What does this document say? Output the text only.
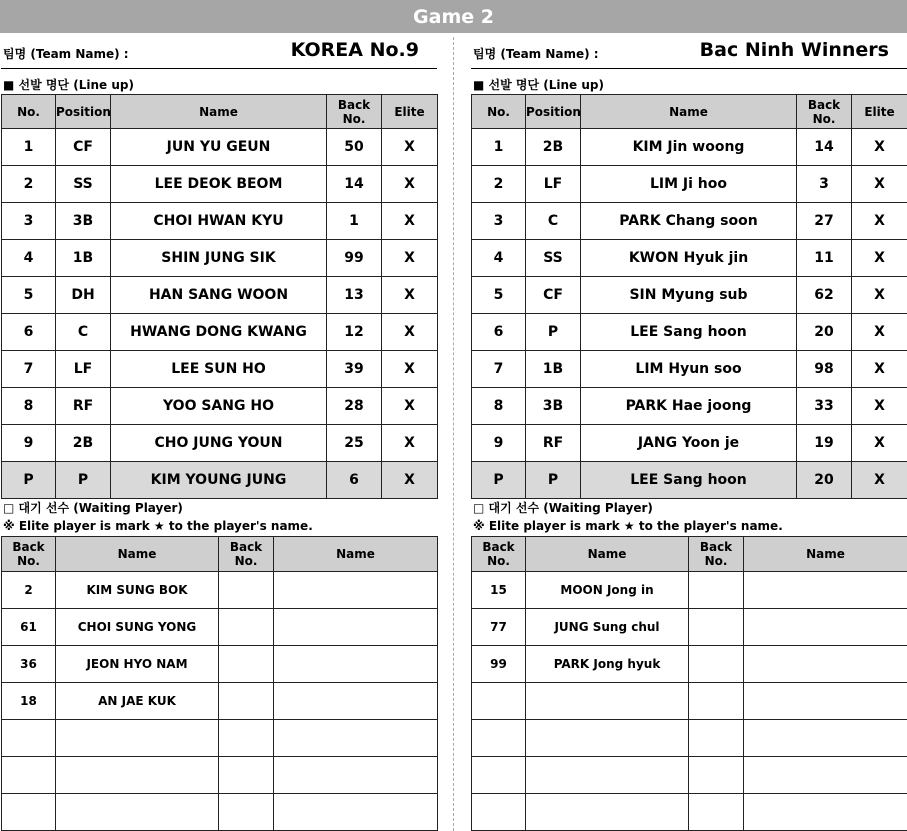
Game 2
팀명 (Team Name) :	KOREA No.9
■ 선발 명단 (Line up)
No.	Position	Name	Back No.	Elite
1	CF	JUN YU GEUN	50	X
2	SS	LEE DEOK BEOM	14	X
3	3B	CHOI HWAN KYU	1	X
4	1B	SHIN JUNG SIK	99	X
5	DH	HAN SANG WOON	13	X
6	C	HWANG DONG KWANG	12	X
7	LF	LEE SUN HO	39	X
8	RF	YOO SANG HO	28	X
9	2B	CHO JUNG YOUN	25	X
P	P	KIM YOUNG JUNG	6	X
□ 대기 선수 (Waiting Player)
※ Elite player is mark ★ to the player's name.
Back No.	Name	Back No.	Name
2	KIM SUNG BOK		
61	CHOI SUNG YONG		
36	JEON HYO NAM		
18	AN JAE KUK		

팀명 (Team Name) :	Bac Ninh Winners
■ 선발 명단 (Line up)
No.	Position	Name	Back No.	Elite
1	2B	KIM Jin woong	14	X
2	LF	LIM Ji hoo	3	X
3	C	PARK Chang soon	27	X
4	SS	KWON Hyuk jin	11	X
5	CF	SIN Myung sub	62	X
6	P	LEE Sang hoon	20	X
7	1B	LIM Hyun soo	98	X
8	3B	PARK Hae joong	33	X
9	RF	JANG Yoon je	19	X
P	P	LEE Sang hoon	20	X
□ 대기 선수 (Waiting Player)
※ Elite player is mark ★ to the player's name.
Back No.	Name	Back No.	Name
15	MOON Jong in		
77	JUNG Sung chul		
99	PARK Jong hyuk		
